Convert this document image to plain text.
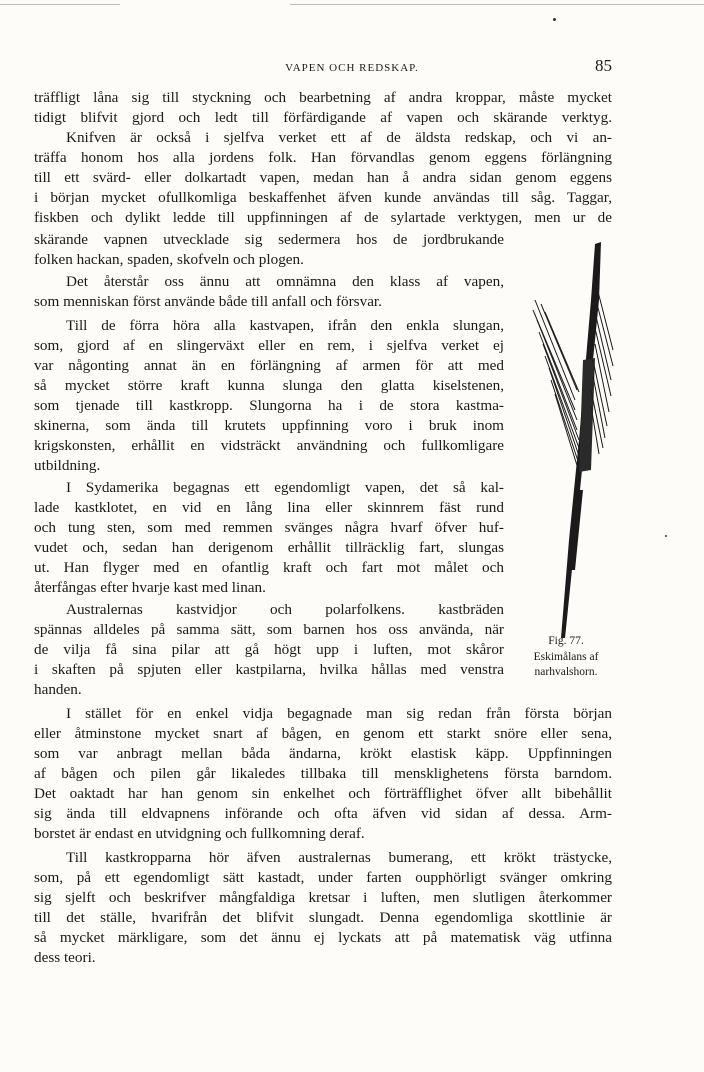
VAPEN OCH REDSKAP.	85
träffligt låna sig till styckning och bearbetning af andra kroppar, måste mycket
tidigt blifvit gjord och ledt till förfärdigande af vapen och skärande verktyg.
Knifven är också i sjelfva verket ett af de äldsta redskap, och vi an-
träffa honom hos alla jordens folk. Han förvandlas genom eggens förlängning
till ett svärd- eller dolkartadt vapen, medan han å andra sidan genom eggens
i början mycket ofullkomliga beskaffenhet äfven kunde användas till såg. Taggar,
fiskben och dylikt ledde till uppfinningen af de sylartade verktygen, men ur de
skärande vapnen utvecklade sig sedermera hos de jordbrukande
folken hackan, spaden, skofveln och plogen.
Det återstår oss ännu att omnämna den klass af vapen,
som menniskan först använde både till anfall och försvar.
Till de förra höra alla kastvapen, ifrån den enkla slungan,
som, gjord af en slingerväxt eller en rem, i sjelfva verket ej
var någonting annat än en förlängning af armen för att med
så mycket större kraft kunna slunga den glatta kiselstenen,
som tjenade till kastkropp. Slungorna ha i de stora kastma-
skinerna, som ända till krutets uppfinning voro i bruk inom
krigskonsten, erhållit en vidsträckt användning och fullkomligare
utbildning.
I Sydamerika begagnas ett egendomligt vapen, det så kal-
lade kastklotet, en vid en lång lina eller skinnrem fäst rund
och tung sten, som med remmen svänges några hvarf öfver huf-
vudet och, sedan han derigenom erhållit tillräcklig fart, slungas
ut. Han flyger med en ofantlig kraft och fart mot målet och
återfångas efter hvarje kast med linan.
Australernas kastvidjor och polarfolkens. kastbräden
spännas alldeles på samma sätt, som barnen hos oss använda, när
de vilja få sina pilar att gå högt upp i luften, mot skåror
i skaften på spjuten eller kastpilarna, hvilka hållas med venstra
handen.
I stället för en enkel vidja begagnade man sig redan från första början
eller åtminstone mycket snart af bågen, en genom ett starkt snöre eller sena,
som var anbragt mellan båda ändarna, krökt elastisk käpp. Uppfinningen
af bågen och pilen går likaledes tillbaka till mensklighetens första barndom.
Det oaktadt har han genom sin enkelhet och förträfflighet öfver allt bibehållit
sig ända till eldvapnens införande och ofta äfven vid sidan af dessa. Arm-
borstet är endast en utvidgning och fullkomning deraf.
Till kastkropparna hör äfven australernas bumerang, ett krökt trästycke,
som, på ett egendomligt sätt kastadt, under farten oupphörligt svänger omkring
sig sjelft och beskrifver mångfaldiga kretsar i luften, men slutligen återkommer
till det ställe, hvarifrån det blifvit slungadt. Denna egendomliga skottlinie är
så mycket märkligare, som det ännu ej lyckats att på matematisk väg utfinna
dess teori.
Fig. 77.
Eskimålans af
narhvalshorn.
